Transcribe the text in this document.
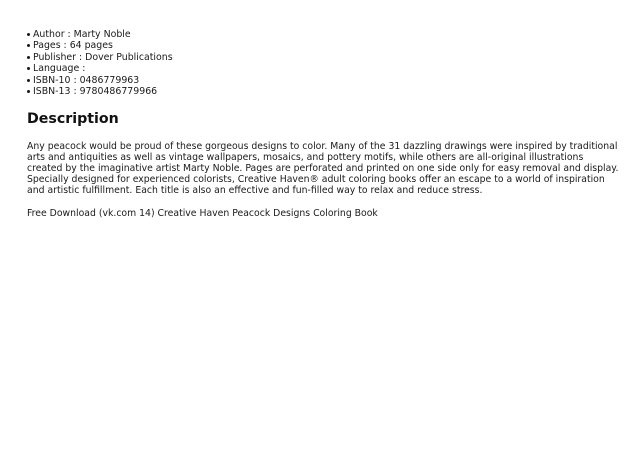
Author : Marty Noble
Pages : 64 pages
Publisher : Dover Publications
Language :
ISBN-10 : 0486779963
ISBN-13 : 9780486779966
Description

Any peacock would be proud of these gorgeous designs to color. Many of the 31 dazzling drawings were inspired by traditional
arts and antiquities as well as vintage wallpapers, mosaics, and pottery motifs, while others are all-original illustrations
created by the imaginative artist Marty Noble. Pages are perforated and printed on one side only for easy removal and display.
Specially designed for experienced colorists, Creative Haven® adult coloring books offer an escape to a world of inspiration
and artistic fulfillment. Each title is also an effective and fun-filled way to relax and reduce stress.

Free Download (vk.com 14) Creative Haven Peacock Designs Coloring Book
